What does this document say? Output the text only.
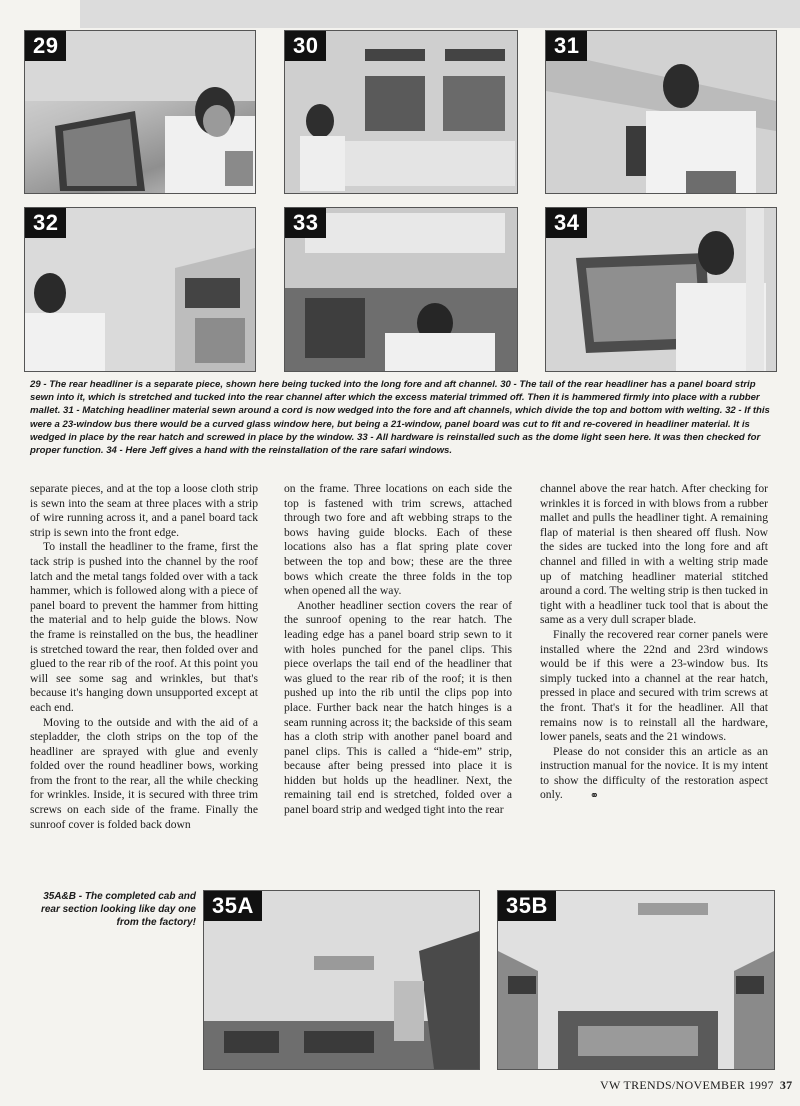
29	30	31
32	33	34
29 - The rear headliner is a separate piece, shown here being tucked into the long fore and aft channel. 30 - The tail of the rear headliner has a panel board strip sewn into it, which is stretched and tucked into the rear channel after which the excess material trimmed off. Then it is hammered firmly into place with a rubber mallet. 31 - Matching headliner material sewn around a cord is now wedged into the fore and aft channels, which divide the top and bottom with welting. 32 - If this were a 23-window bus there would be a curved glass window here, but being a 21-window, panel board was cut to fit and re-covered in headliner material. It is wedged in place by the rear hatch and screwed in place by the window. 33 - All hardware is reinstalled such as the dome light seen here. It was then checked for proper function. 34 - Here Jeff gives a hand with the reinstallation of the rare safari windows.

separate pieces, and at the top a loose cloth strip is sewn into the seam at three places with a strip of wire running across it, and a panel board tack strip is sewn into the front edge.

To install the headliner to the frame, first the tack strip is pushed into the channel by the roof latch and the metal tangs folded over with a tack hammer, which is followed along with a piece of panel board to prevent the hammer from hitting the material and to help guide the blows. Now the frame is reinstalled on the bus, the headliner is stretched toward the rear, then folded over and glued to the rear rib of the roof. At this point you will see some sag and wrinkles, but that's because it's hanging down unsupported except at each end.

Moving to the outside and with the aid of a stepladder, the cloth strips on the top of the headliner are sprayed with glue and evenly folded over the round headliner bows, working from the front to the rear, all the while checking for wrinkles. Inside, it is secured with three trim screws on each side of the frame. Finally the sunroof cover is folded back down

on the frame. Three locations on each side the top is fastened with trim screws, attached through two fore and aft webbing straps to the bows having guide blocks. Each of these locations also has a flat spring plate cover between the top and bow; these are the three bows which create the three folds in the top when opened all the way.

Another headliner section covers the rear of the sunroof opening to the rear hatch. The leading edge has a panel board strip sewn to it with holes punched for the panel clips. This piece overlaps the tail end of the headliner that was glued to the rear rib of the roof; it is then pushed up into the rib until the clips pop into place. Further back near the hatch hinges is a seam running across it; the backside of this seam has a cloth strip with another panel board and panel clips. This is called a “hide-em” strip, because after being pressed into place it is hidden but holds up the headliner. Next, the remaining tail end is stretched, folded over a panel board strip and wedged tight into the rear

channel above the rear hatch. After checking for wrinkles it is forced in with blows from a rubber mallet and pulls the headliner tight. A remaining flap of material is then sheared off flush. Now the sides are tucked into the long fore and aft channel and filled in with a welting strip made up of matching headliner material stitched around a cord. The welting strip is then tucked in tight with a headliner tuck tool that is about the same as a very dull scraper blade.

Finally the recovered rear corner panels were installed where the 22nd and 23rd windows would be if this were a 23-window bus. Its simply tucked into a channel at the rear hatch, pressed in place and secured with trim screws at the front. That's it for the headliner. All that remains now is to reinstall all the hardware, lower panels, seats and the 21 windows.

Please do not consider this an article as an instruction manual for the novice. It is my intent to show the difficulty of the restoration aspect only. ⚭

35A&B - The completed cab and rear section looking like day one from the factory!
35A	35B
VW TRENDS/NOVEMBER 1997 37
